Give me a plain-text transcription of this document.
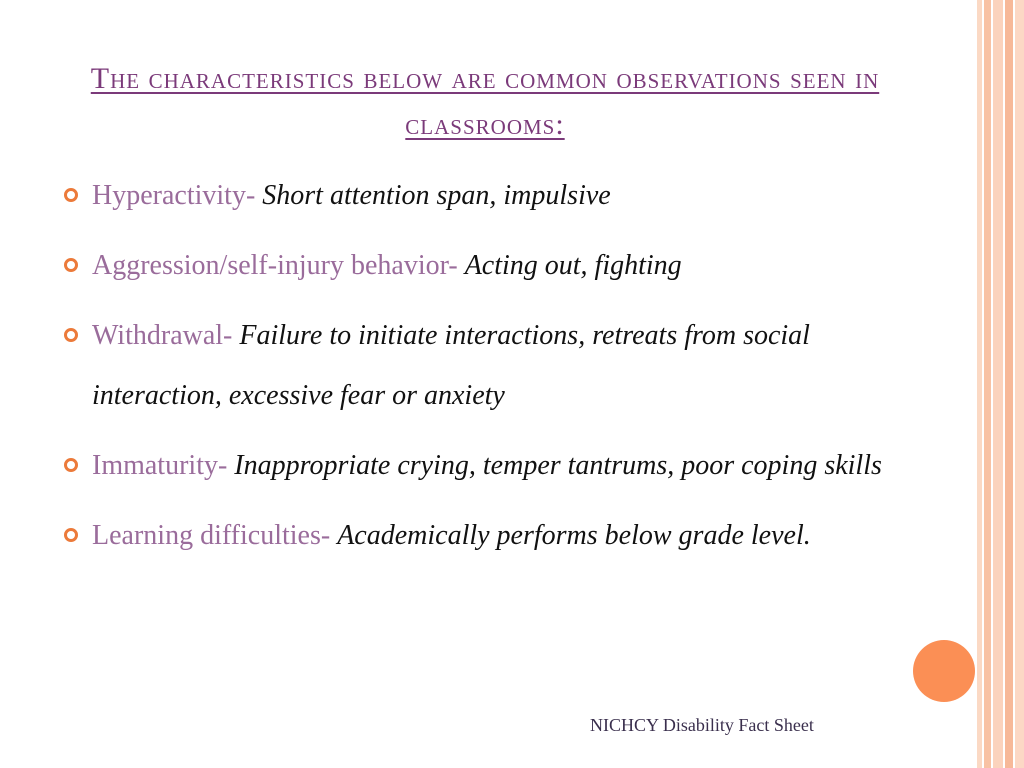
The characteristics below are common observations seen in classrooms:
Hyperactivity- Short attention span, impulsive
Aggression/self-injury behavior- Acting out, fighting
Withdrawal- Failure to initiate interactions, retreats from social interaction, excessive fear or anxiety
Immaturity- Inappropriate crying, temper tantrums, poor coping skills
Learning difficulties- Academically performs below grade level.
NICHCY Disability Fact Sheet
